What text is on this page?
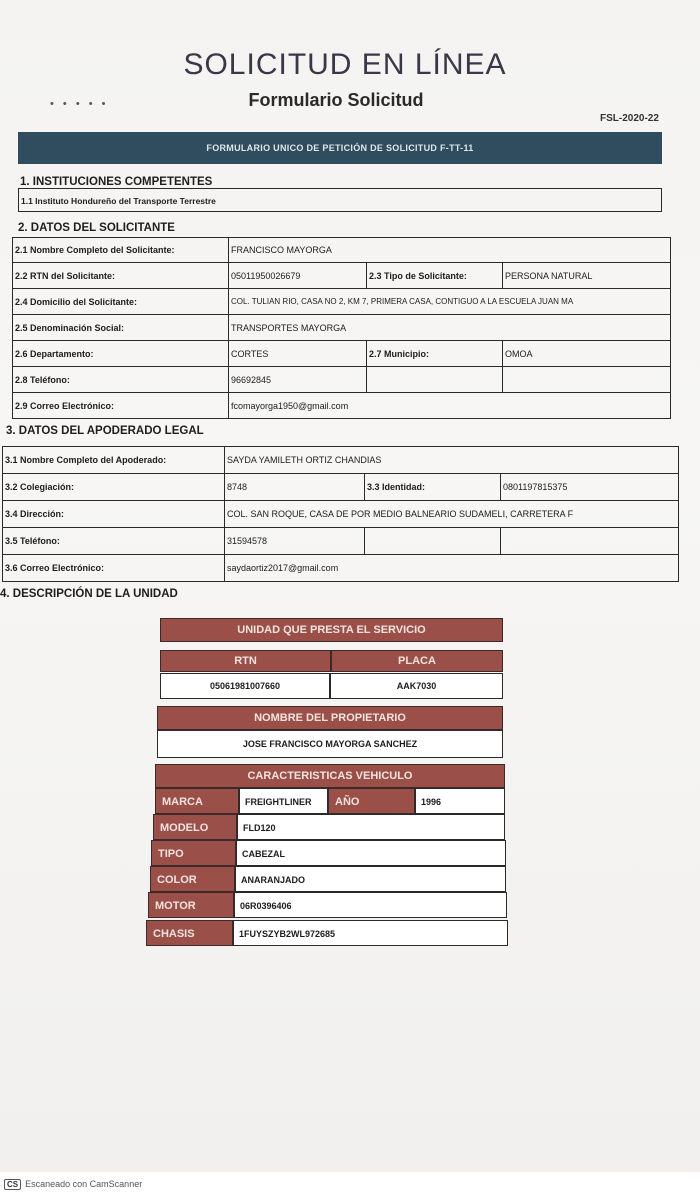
SOLICITUD EN LÍNEA
• • • • •	Formulario Solicitud
FSL-2020-22
FORMULARIO UNICO DE PETICIÓN DE SOLICITUD F-TT-11
1. INSTITUCIONES COMPETENTES
1.1 Instituto Hondureño del Transporte Terrestre
2. DATOS DEL SOLICITANTE
2.1 Nombre Completo del Solicitante:	FRANCISCO MAYORGA		
2.2 RTN del Solicitante:	05011950026679	2.3 Tipo de Solicitante:	PERSONA NATURAL
2.4 Domicilio del Solicitante:	COL. TULIAN RIO, CASA NO 2, KM 7, PRIMERA CASA, CONTIGUO A LA ESCUELA JUAN MA		
2.5 Denominación Social:	TRANSPORTES MAYORGA		
2.6 Departamento:	CORTES	2.7 Municipio:	OMOA
2.8 Teléfono:	96692845		
2.9 Correo Electrónico:	fcomayorga1950@gmail.com		
3. DATOS DEL APODERADO LEGAL
3.1 Nombre Completo del Apoderado:	SAYDA YAMILETH ORTIZ CHANDIAS		
3.2 Colegiación:	8748	3.3 Identidad:	0801197815375
3.4 Dirección:	COL. SAN ROQUE, CASA DE POR MEDIO BALNEARIO SUDAMELI, CARRETERA F		
3.5 Teléfono:	31594578		
3.6 Correo Electrónico:	saydaortiz2017@gmail.com		
4. DESCRIPCIÓN DE LA UNIDAD
UNIDAD QUE PRESTA EL SERVICIO
RTN	PLACA
05061981007660	AAK7030
NOMBRE DEL PROPIETARIO
JOSE FRANCISCO MAYORGA SANCHEZ
CARACTERISTICAS VEHICULO
MARCA	FREIGHTLINER	AÑO	1996
MODELO	FLD120
TIPO	CABEZAL
COLOR	ANARANJADO
MOTOR	06R0396406
CHASIS	1FUYSZYB2WL972685
CS Escaneado con CamScanner
